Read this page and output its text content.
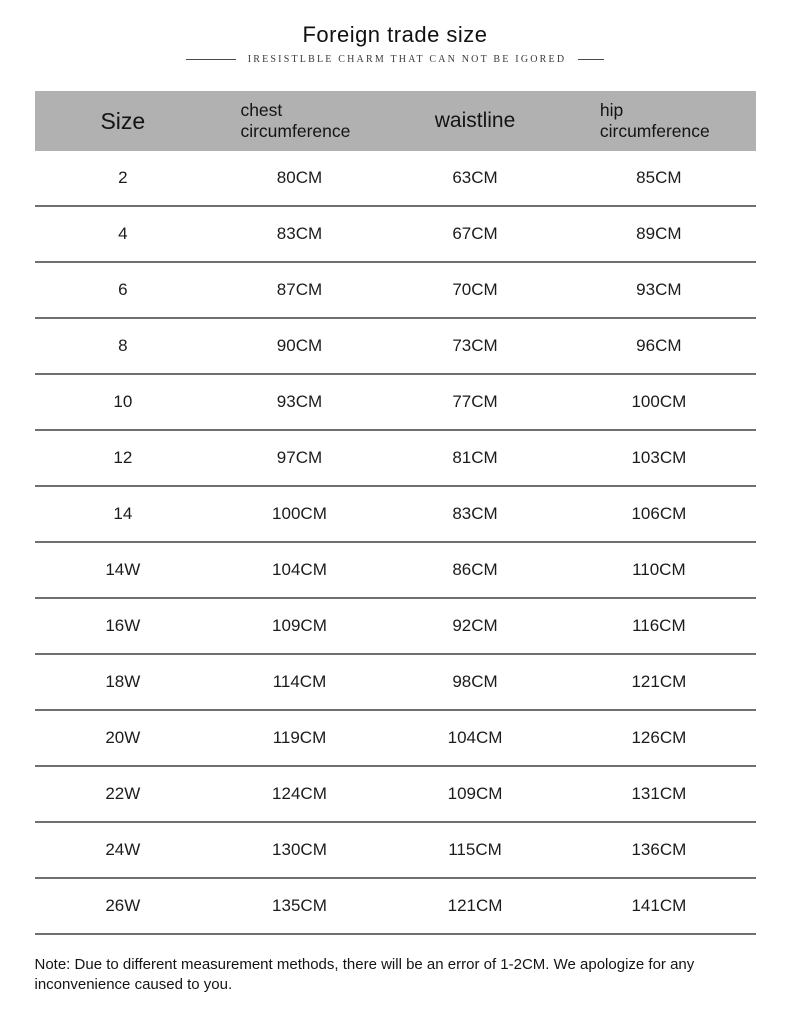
Foreign trade size
IRESISTLBLE CHARM THAT CAN NOT BE IGORED
Size	chest circumference	waistline	hip circumference
2	80CM	63CM	85CM
4	83CM	67CM	89CM
6	87CM	70CM	93CM
8	90CM	73CM	96CM
10	93CM	77CM	100CM
12	97CM	81CM	103CM
14	100CM	83CM	106CM
14W	104CM	86CM	110CM
16W	109CM	92CM	116CM
18W	114CM	98CM	121CM
20W	119CM	104CM	126CM
22W	124CM	109CM	131CM
24W	130CM	115CM	136CM
26W	135CM	121CM	141CM

Note: Due to different measurement methods, there will be an error of 1-2CM. We apologize for any inconvenience caused to you.
